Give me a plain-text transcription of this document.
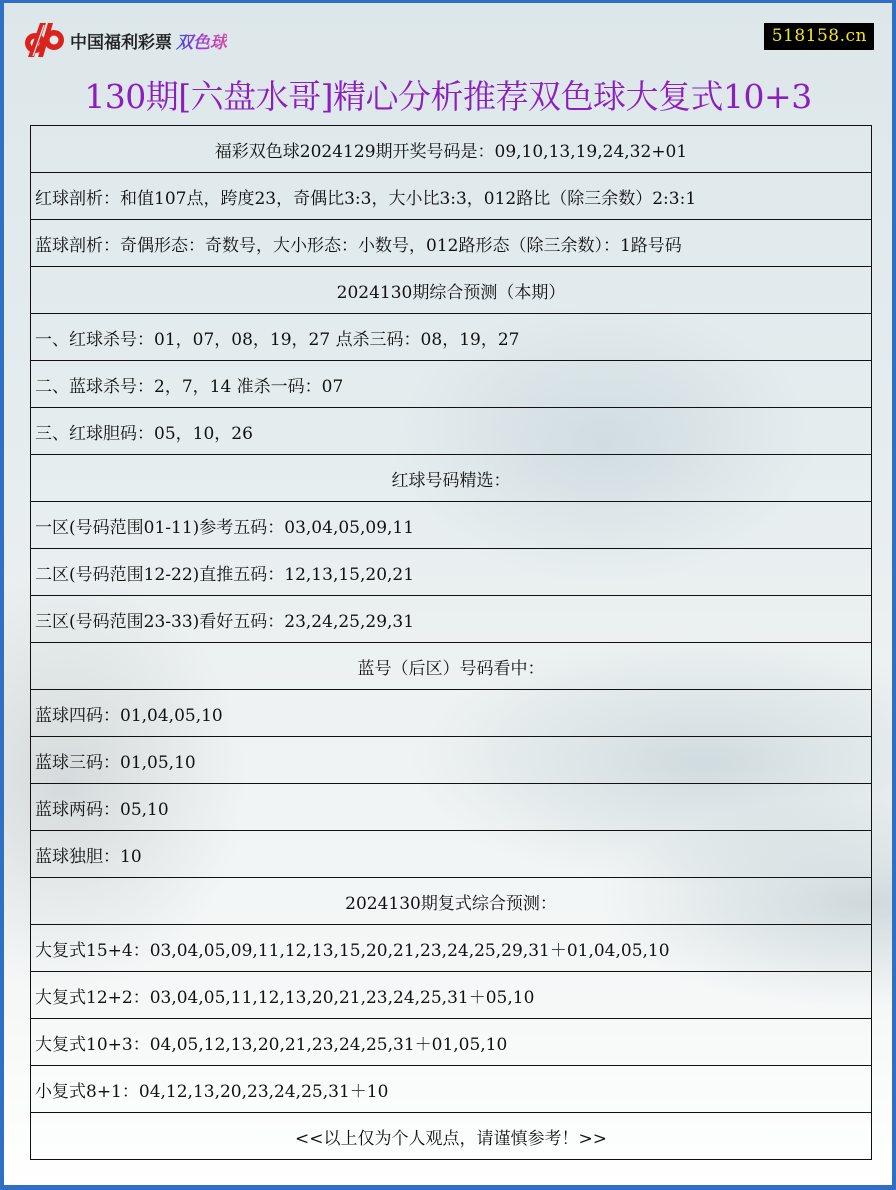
中国福利彩票 双色球	518158.cn
130期[六盘水哥]精心分析推荐双色球大复式10+3
福彩双色球2024129期开奖号码是：09,10,13,19,24,32+01
红球剖析：和值107点，跨度23，奇偶比3:3，大小比3:3，012路比（除三余数）2:3:1
蓝球剖析：奇偶形态：奇数号，大小形态：小数号，012路形态（除三余数）：1路号码
2024130期综合预测（本期）
一、红球杀号：01，07，08，19，27 点杀三码：08，19，27
二、蓝球杀号：2，7，14 准杀一码：07
三、红球胆码：05，10，26
红球号码精选：
一区(号码范围01-11)参考五码：03,04,05,09,11
二区(号码范围12-22)直推五码：12,13,15,20,21
三区(号码范围23-33)看好五码：23,24,25,29,31
蓝号（后区）号码看中：
蓝球四码：01,04,05,10
蓝球三码：01,05,10
蓝球两码：05,10
蓝球独胆：10
2024130期复式综合预测：
大复式15+4：03,04,05,09,11,12,13,15,20,21,23,24,25,29,31＋01,04,05,10
大复式12+2：03,04,05,11,12,13,20,21,23,24,25,31＋05,10
大复式10+3：04,05,12,13,20,21,23,24,25,31＋01,05,10
小复式8+1：04,12,13,20,23,24,25,31＋10
<<以上仅为个人观点，请谨慎参考！>>
